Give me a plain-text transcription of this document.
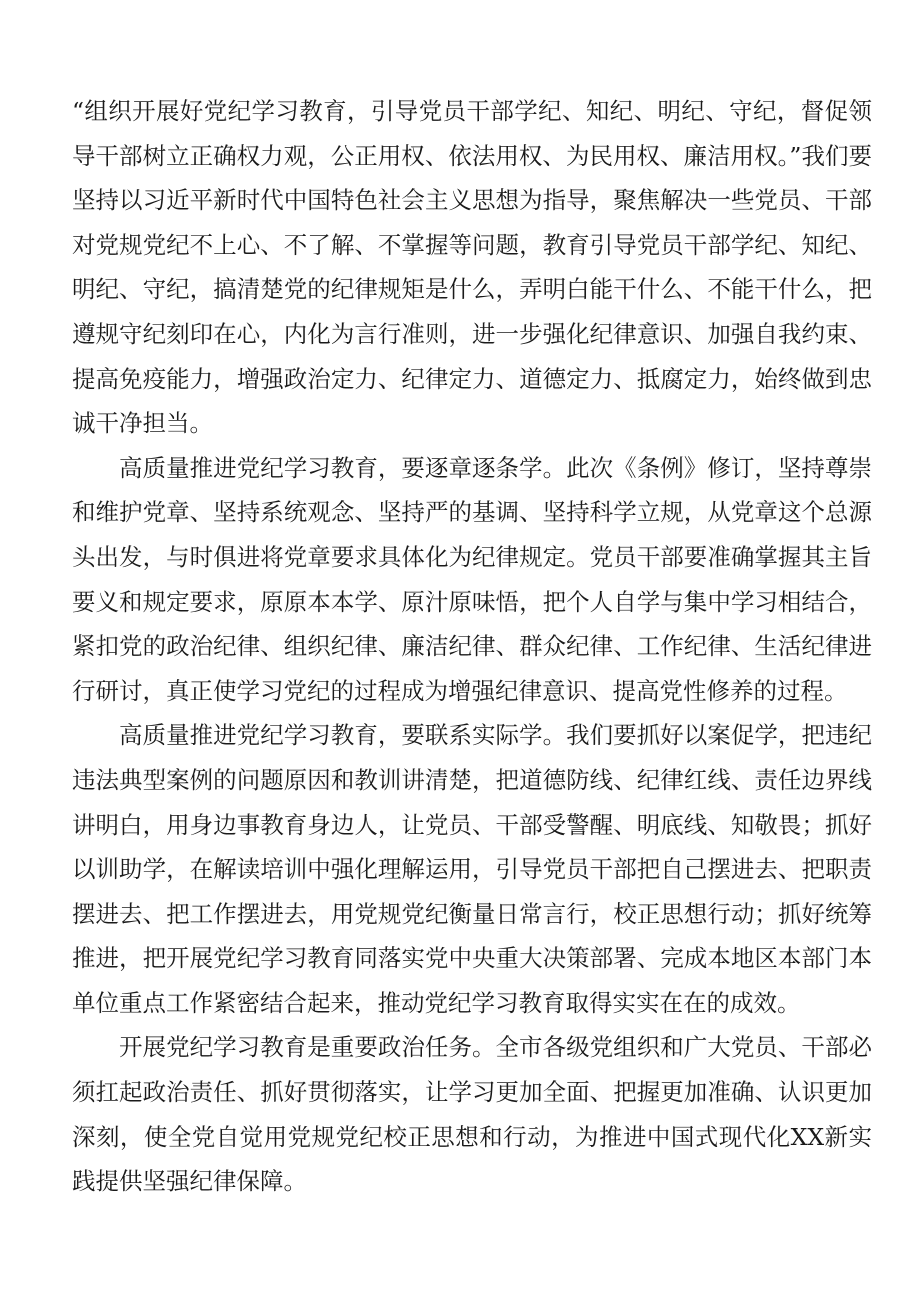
“组织开展好党纪学习教育，引导党员干部学纪、知纪、明纪、守纪，督促领导干部树立正确权力观，公正用权、依法用权、为民用权、廉洁用权。”我们要坚持以习近平新时代中国特色社会主义思想为指导，聚焦解决一些党员、干部对党规党纪不上心、不了解、不掌握等问题，教育引导党员干部学纪、知纪、明纪、守纪，搞清楚党的纪律规矩是什么，弄明白能干什么、不能干什么，把遵规守纪刻印在心，内化为言行准则，进一步强化纪律意识、加强自我约束、提高免疫能力，增强政治定力、纪律定力、道德定力、抵腐定力，始终做到忠诚干净担当。

高质量推进党纪学习教育，要逐章逐条学。此次《条例》修订，坚持尊崇和维护党章、坚持系统观念、坚持严的基调、坚持科学立规，从党章这个总源头出发，与时俱进将党章要求具体化为纪律规定。党员干部要准确掌握其主旨要义和规定要求，原原本本学、原汁原味悟，把个人自学与集中学习相结合，紧扣党的政治纪律、组织纪律、廉洁纪律、群众纪律、工作纪律、生活纪律进行研讨，真正使学习党纪的过程成为增强纪律意识、提高党性修养的过程。

高质量推进党纪学习教育，要联系实际学。我们要抓好以案促学，把违纪违法典型案例的问题原因和教训讲清楚，把道德防线、纪律红线、责任边界线讲明白，用身边事教育身边人，让党员、干部受警醒、明底线、知敬畏；抓好以训助学，在解读培训中强化理解运用，引导党员干部把自己摆进去、把职责摆进去、把工作摆进去，用党规党纪衡量日常言行，校正思想行动；抓好统筹推进，把开展党纪学习教育同落实党中央重大决策部署、完成本地区本部门本单位重点工作紧密结合起来，推动党纪学习教育取得实实在在的成效。

开展党纪学习教育是重要政治任务。全市各级党组织和广大党员、干部必须扛起政治责任、抓好贯彻落实，让学习更加全面、把握更加准确、认识更加深刻，使全党自觉用党规党纪校正思想和行动，为推进中国式现代化XX新实践提供坚强纪律保障。
